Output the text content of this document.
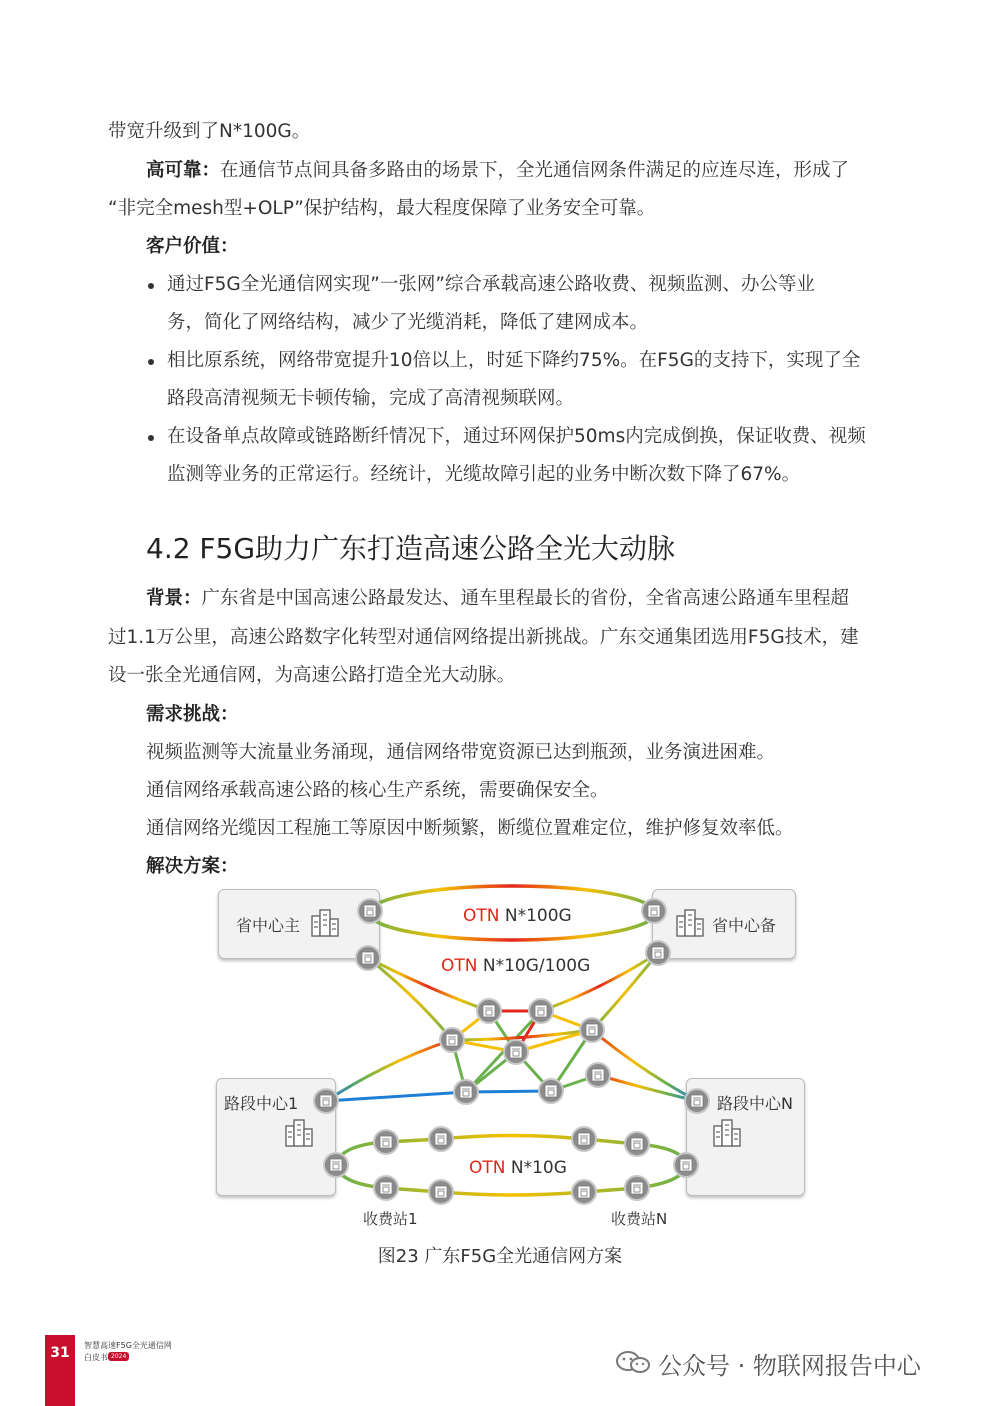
带宽升级到了N*100G。

高可靠：在通信节点间具备多路由的场景下，全光通信网条件满足的应连尽连，形成了

“非完全mesh型+OLP”保护结构，最大程度保障了业务安全可靠。

客户价值：

通过F5G全光通信网实现”一张网”综合承载高速公路收费、视频监测、办公等业

务，简化了网络结构，减少了光缆消耗，降低了建网成本。

相比原系统，网络带宽提升10倍以上，时延下降约75%。在F5G的支持下，实现了全

路段高清视频无卡顿传输，完成了高清视频联网。

在设备单点故障或链路断纤情况下，通过环网保护50ms内完成倒换，保证收费、视频

监测等业务的正常运行。经统计，光缆故障引起的业务中断次数下降了67%。

4.2 F5G助力广东打造高速公路全光大动脉

背景：广东省是中国高速公路最发达、通车里程最长的省份，全省高速公路通车里程超

过1.1万公里，高速公路数字化转型对通信网络提出新挑战。广东交通集团选用F5G技术，建

设一张全光通信网，为高速公路打造全光大动脉。

需求挑战：

视频监测等大流量业务涌现，通信网络带宽资源已达到瓶颈，业务演进困难。

通信网络承载高速公路的核心生产系统，需要确保安全。

通信网络光缆因工程施工等原因中断频繁，断缆位置难定位，维护修复效率低。

解决方案：

省中心主	省中心备
路段中心1	路段中心N
OTN N*100G
OTN N*10G/100G
OTN N*10G
收费站1	收费站N
图23 广东F5G全光通信网方案
31	智慧高速F5G全光通信网
白皮书 2024	公众号 · 物联网报告中心
